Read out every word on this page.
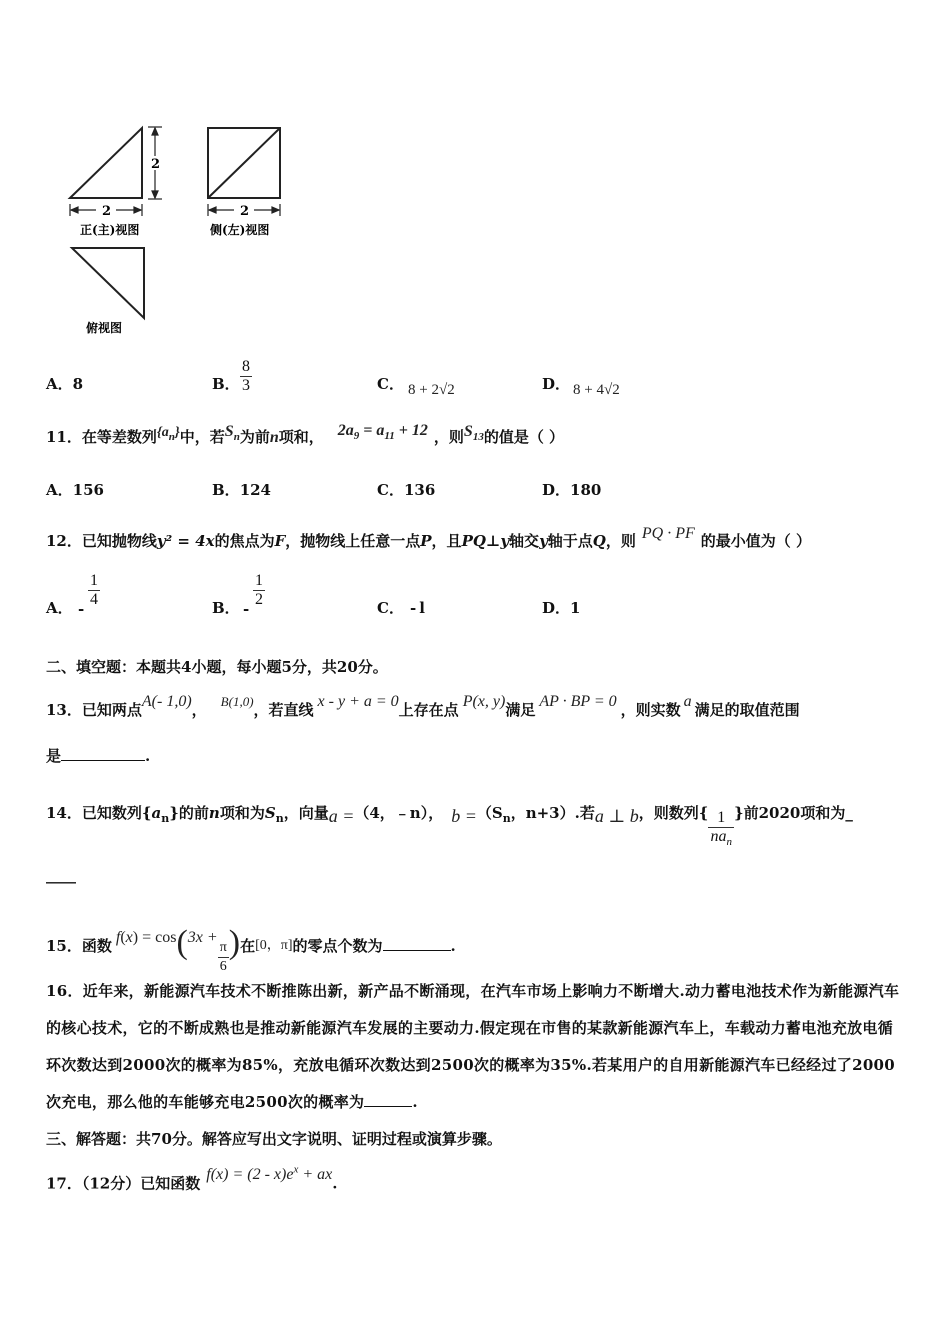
2
2
正(主)视图
2
侧(左)视图
俯视图
A．8	B． $\frac{8}{3}$	C． 8 + 2√2	D． 8 + 4√2
11．在等差数列$\{a_n\}$中，若$S_n$为前n项和， $2a_9 = a_{11} + 12$ ，则$S_{13}$的值是（ ）
A．156	B．124	C．136	D．180
12．已知抛物线y² = 4x的焦点为F，抛物线上任意一点P，且PQ⊥y轴交y轴于点Q，则 PQ · PF 的最小值为（ ）
A． - $\frac{1}{4}$	B． - $\frac{1}{2}$	C． - l	D．1
二、填空题：本题共4小题，每小题5分，共20分。
13．已知两点A(- 1,0)， B(1,0)，若直线 x - y + a = 0上存在点 P(x, y)满足 AP · BP = 0 ，则实数 a 满足的取值范围
是	.
14．已知数列$\{a_n\}$的前n项和为$S_n$，向量a =（4，﹣n）， $b =(S_n$，n+3）.若a ⊥ b，则数列{ $\frac{1}{na_n}$ }前2020项和为_
____
15．函数 f(x) = cos(3x +
$\frac{\pi}{6}$ )在[0，π]的零点个数为	.
16．近年来，新能源汽车技术不断推陈出新，新产品不断涌现，在汽车市场上影响力不断增大.动力蓄电池技术作为新能源汽车的核心技术，它的不断成熟也是推动新能源汽车发展的主要动力.假定现在市售的某款新能源汽车上，车载动力蓄电池充放电循环次数达到2000次的概率为85%，充放电循环次数达到2500次的概率为35%.若某用户的自用新能源汽车已经经过了2000次充电，那么他的车能够充电2500次的概率为	.
三、解答题：共70分。解答应写出文字说明、证明过程或演算步骤。
17．（12分）已知函数 $f(x) = (2 - x)e^x$ + ax.
